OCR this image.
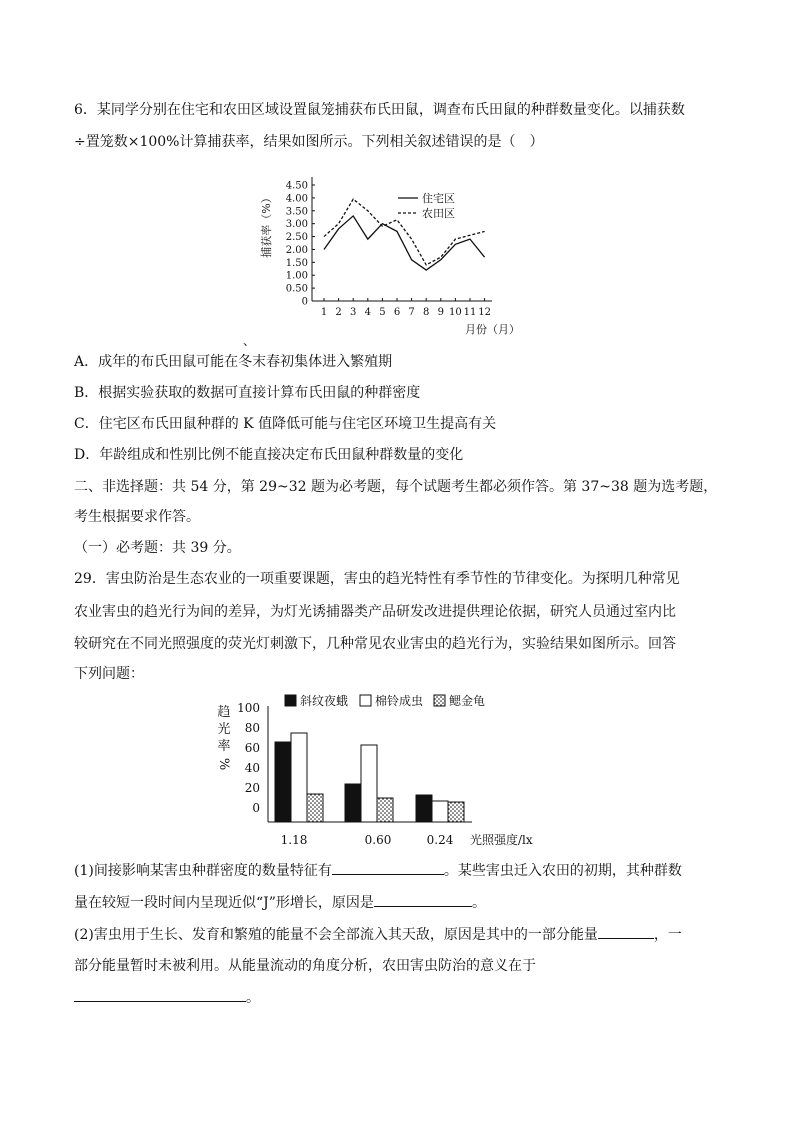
6．某同学分别在住宅和农田区域设置鼠笼捕获布氏田鼠，调查布氏田鼠的种群数量变化。以捕获数
÷置笼数×100%计算捕获率，结果如图所示。下列相关叙述错误的是（　）
0
0.50
1.00
1.50
2.00
2.50
3.00
3.50
4.00
4.50
1 2 3 4 5 6 7 8 9 10 11 12
捕获率（%）
月份（月）
住宅区
农田区
、
A．成年的布氏田鼠可能在冬末春初集体进入繁殖期
B．根据实验获取的数据可直接计算布氏田鼠的种群密度
C．住宅区布氏田鼠种群的 K 值降低可能与住宅区环境卫生提高有关
D．年龄组成和性别比例不能直接决定布氏田鼠种群数量的变化
二、非选择题：共 54 分，第 29~32 题为必考题，每个试题考生都必须作答。第 37~38 题为选考题，
考生根据要求作答。
（一）必考题：共 39 分。
29．害虫防治是生态农业的一项重要课题，害虫的趋光特性有季节性的节律变化。为探明几种常见
农业害虫的趋光行为间的差异，为灯光诱捕器类产品研发改进提供理论依据，研究人员通过室内比
较研究在不同光照强度的荧光灯刺激下，几种常见农业害虫的趋光行为，实验结果如图所示。回答
下列问题：
0
20
40
60
80
100
1.18	0.60	0.24
趋
光
率
%
斜纹夜蛾 棉铃成虫 鳃金龟
光照强度/lx
(1)间接影响某害虫种群密度的数量特征有	。某些害虫迁入农田的初期，其种群数
量在较短一段时间内呈现近似“J”形增长，原因是	。
(2)害虫用于生长、发育和繁殖的能量不会全部流入其天敌，原因是其中的一部分能量	，一
部分能量暂时未被利用。从能量流动的角度分析，农田害虫防治的意义在于
。
